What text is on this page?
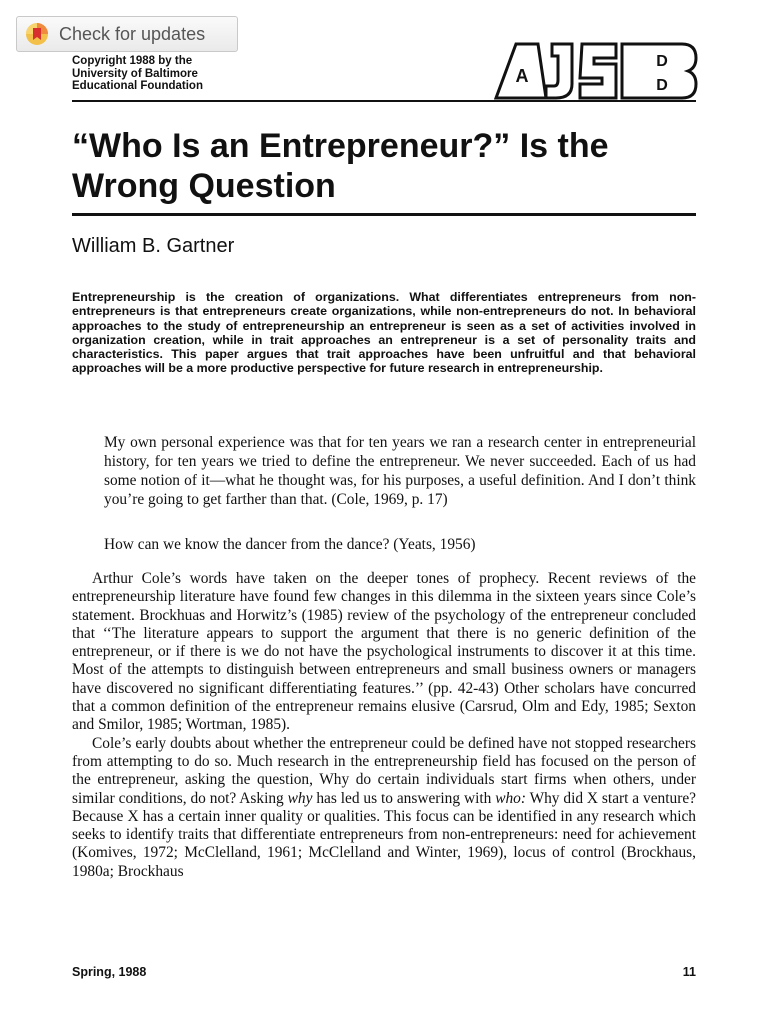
Check for updates
Copyright 1988 by the
University of Baltimore
Educational Foundation	A
D
D
“Who Is an Entrepreneur?” Is the Wrong Question
William B. Gartner

Entrepreneurship is the creation of organizations. What differentiates entrepreneurs from non-entrepreneurs is that entrepreneurs create organizations, while non-entrepreneurs do not. In behavioral approaches to the study of entrepreneurship an entrepreneur is seen as a set of activities involved in organization creation, while in trait approaches an entrepreneur is a set of personality traits and characteristics. This paper argues that trait approaches have been unfruitful and that behavioral approaches will be a more productive perspective for future research in entrepreneurship.

My own personal experience was that for ten years we ran a research center in entrepreneurial history, for ten years we tried to define the entrepreneur. We never succeeded. Each of us had some notion of it—what he thought was, for his purposes, a useful definition. And I don’t think you’re going to get farther than that. (Cole, 1969, p. 17)

How can we know the dancer from the dance? (Yeats, 1956)

Arthur Cole’s words have taken on the deeper tones of prophecy. Recent reviews of the entrepreneurship literature have found few changes in this dilemma in the sixteen years since Cole’s statement. Brockhuas and Horwitz’s (1985) review of the psychology of the entrepreneur concluded that ‘‘The literature appears to support the argument that there is no generic definition of the entrepreneur, or if there is we do not have the psychological instruments to discover it at this time. Most of the attempts to distinguish between entrepreneurs and small business owners or managers have discovered no significant differentiating features.’’ (pp. 42-43) Other scholars have concurred that a common definition of the entrepreneur remains elusive (Carsrud, Olm and Edy, 1985; Sexton and Smilor, 1985; Wortman, 1985).

Cole’s early doubts about whether the entrepreneur could be defined have not stopped researchers from attempting to do so. Much research in the entrepreneurship field has focused on the person of the entrepreneur, asking the question, Why do certain individuals start firms when others, under similar conditions, do not? Asking why has led us to answering with who: Why did X start a venture? Because X has a certain inner quality or qualities. This focus can be identified in any research which seeks to identify traits that differentiate entrepreneurs from non-entrepreneurs: need for achievement (Komives, 1972; McClelland, 1961; McClelland and Winter, 1969), locus of control (Brockhaus, 1980a; Brockhaus

Spring, 1988	11
